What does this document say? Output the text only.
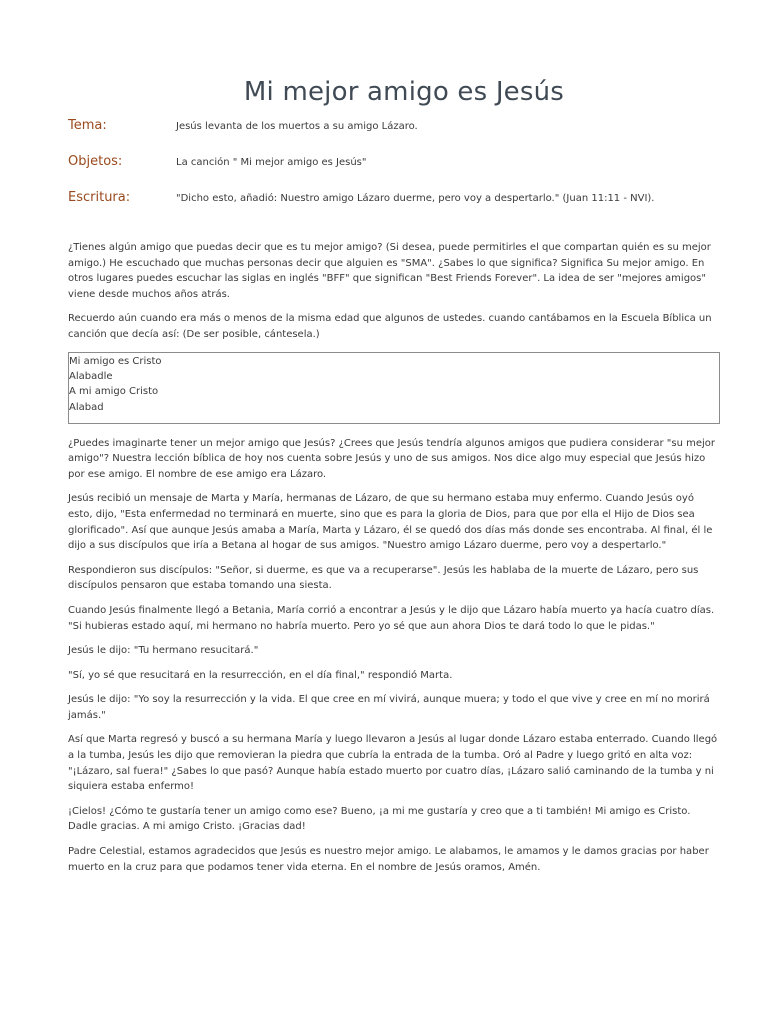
Mi mejor amigo es Jesús
Tema:	Jesús levanta de los muertos a su amigo Lázaro.
Objetos:	La canción " Mi mejor amigo es Jesús"
Escritura:	"Dicho esto, añadió: Nuestro amigo Lázaro duerme, pero voy a despertarlo." (Juan 11:11 - NVI).

¿Tienes algún amigo que puedas decir que es tu mejor amigo? (Si desea, puede permitirles el que compartan quién es su mejor amigo.) He escuchado que muchas personas decir que alguien es "SMA". ¿Sabes lo que significa? Significa Su mejor amigo. En otros lugares puedes escuchar las siglas en inglés "BFF" que significan "Best Friends Forever". La idea de ser "mejores amigos" viene desde muchos años atrás.

Recuerdo aún cuando era más o menos de la misma edad que algunos de ustedes. cuando cantábamos en la Escuela Bíblica un canción que decía así: (De ser posible, cántesela.)

Mi amigo es Cristo
Alabadle
A mi amigo Cristo
Alabad

¿Puedes imaginarte tener un mejor amigo que Jesús? ¿Crees que Jesús tendría algunos amigos que pudiera considerar "su mejor amigo"? Nuestra lección bíblica de hoy nos cuenta sobre Jesús y uno de sus amigos. Nos dice algo muy especial que Jesús hizo por ese amigo. El nombre de ese amigo era Lázaro.

Jesús recibió un mensaje de Marta y María, hermanas de Lázaro, de que su hermano estaba muy enfermo. Cuando Jesús oyó esto, dijo, "Esta enfermedad no terminará en muerte, sino que es para la gloria de Dios, para que por ella el Hijo de Dios sea glorificado". Así que aunque Jesús amaba a María, Marta y Lázaro, él se quedó dos días más donde ses encontraba. Al final, él le dijo a sus discípulos que iría a Betana al hogar de sus amigos. "Nuestro amigo Lázaro duerme, pero voy a despertarlo."

Respondieron sus discípulos: "Señor, si duerme, es que va a recuperarse". Jesús les hablaba de la muerte de Lázaro, pero sus discípulos pensaron que estaba tomando una siesta.

Cuando Jesús finalmente llegó a Betania, María corrió a encontrar a Jesús y le dijo que Lázaro había muerto ya hacía cuatro días. "Si hubieras estado aquí, mi hermano no habría muerto. Pero yo sé que aun ahora Dios te dará todo lo que le pidas."

Jesús le dijo: "Tu hermano resucitará."

"Sí, yo sé que resucitará en la resurrección, en el día final," respondió Marta.

Jesús le dijo: "Yo soy la resurrección y la vida. El que cree en mí vivirá, aunque muera; y todo el que vive y cree en mí no morirá jamás."

Así que Marta regresó y buscó a su hermana María y luego llevaron a Jesús al lugar donde Lázaro estaba enterrado. Cuando llegó a la tumba, Jesús les dijo que removieran la piedra que cubría la entrada de la tumba. Oró al Padre y luego gritó en alta voz: "¡Lázaro, sal fuera!" ¿Sabes lo que pasó? Aunque había estado muerto por cuatro días, ¡Lázaro salió caminando de la tumba y ni siquiera estaba enfermo!

¡Cielos! ¿Cómo te gustaría tener un amigo como ese? Bueno, ¡a mi me gustaría y creo que a ti también! Mi amigo es Cristo. Dadle gracias. A mi amigo Cristo. ¡Gracias dad!

Padre Celestial, estamos agradecidos que Jesús es nuestro mejor amigo. Le alabamos, le amamos y le damos gracias por haber muerto en la cruz para que podamos tener vida eterna. En el nombre de Jesús oramos, Amén.
